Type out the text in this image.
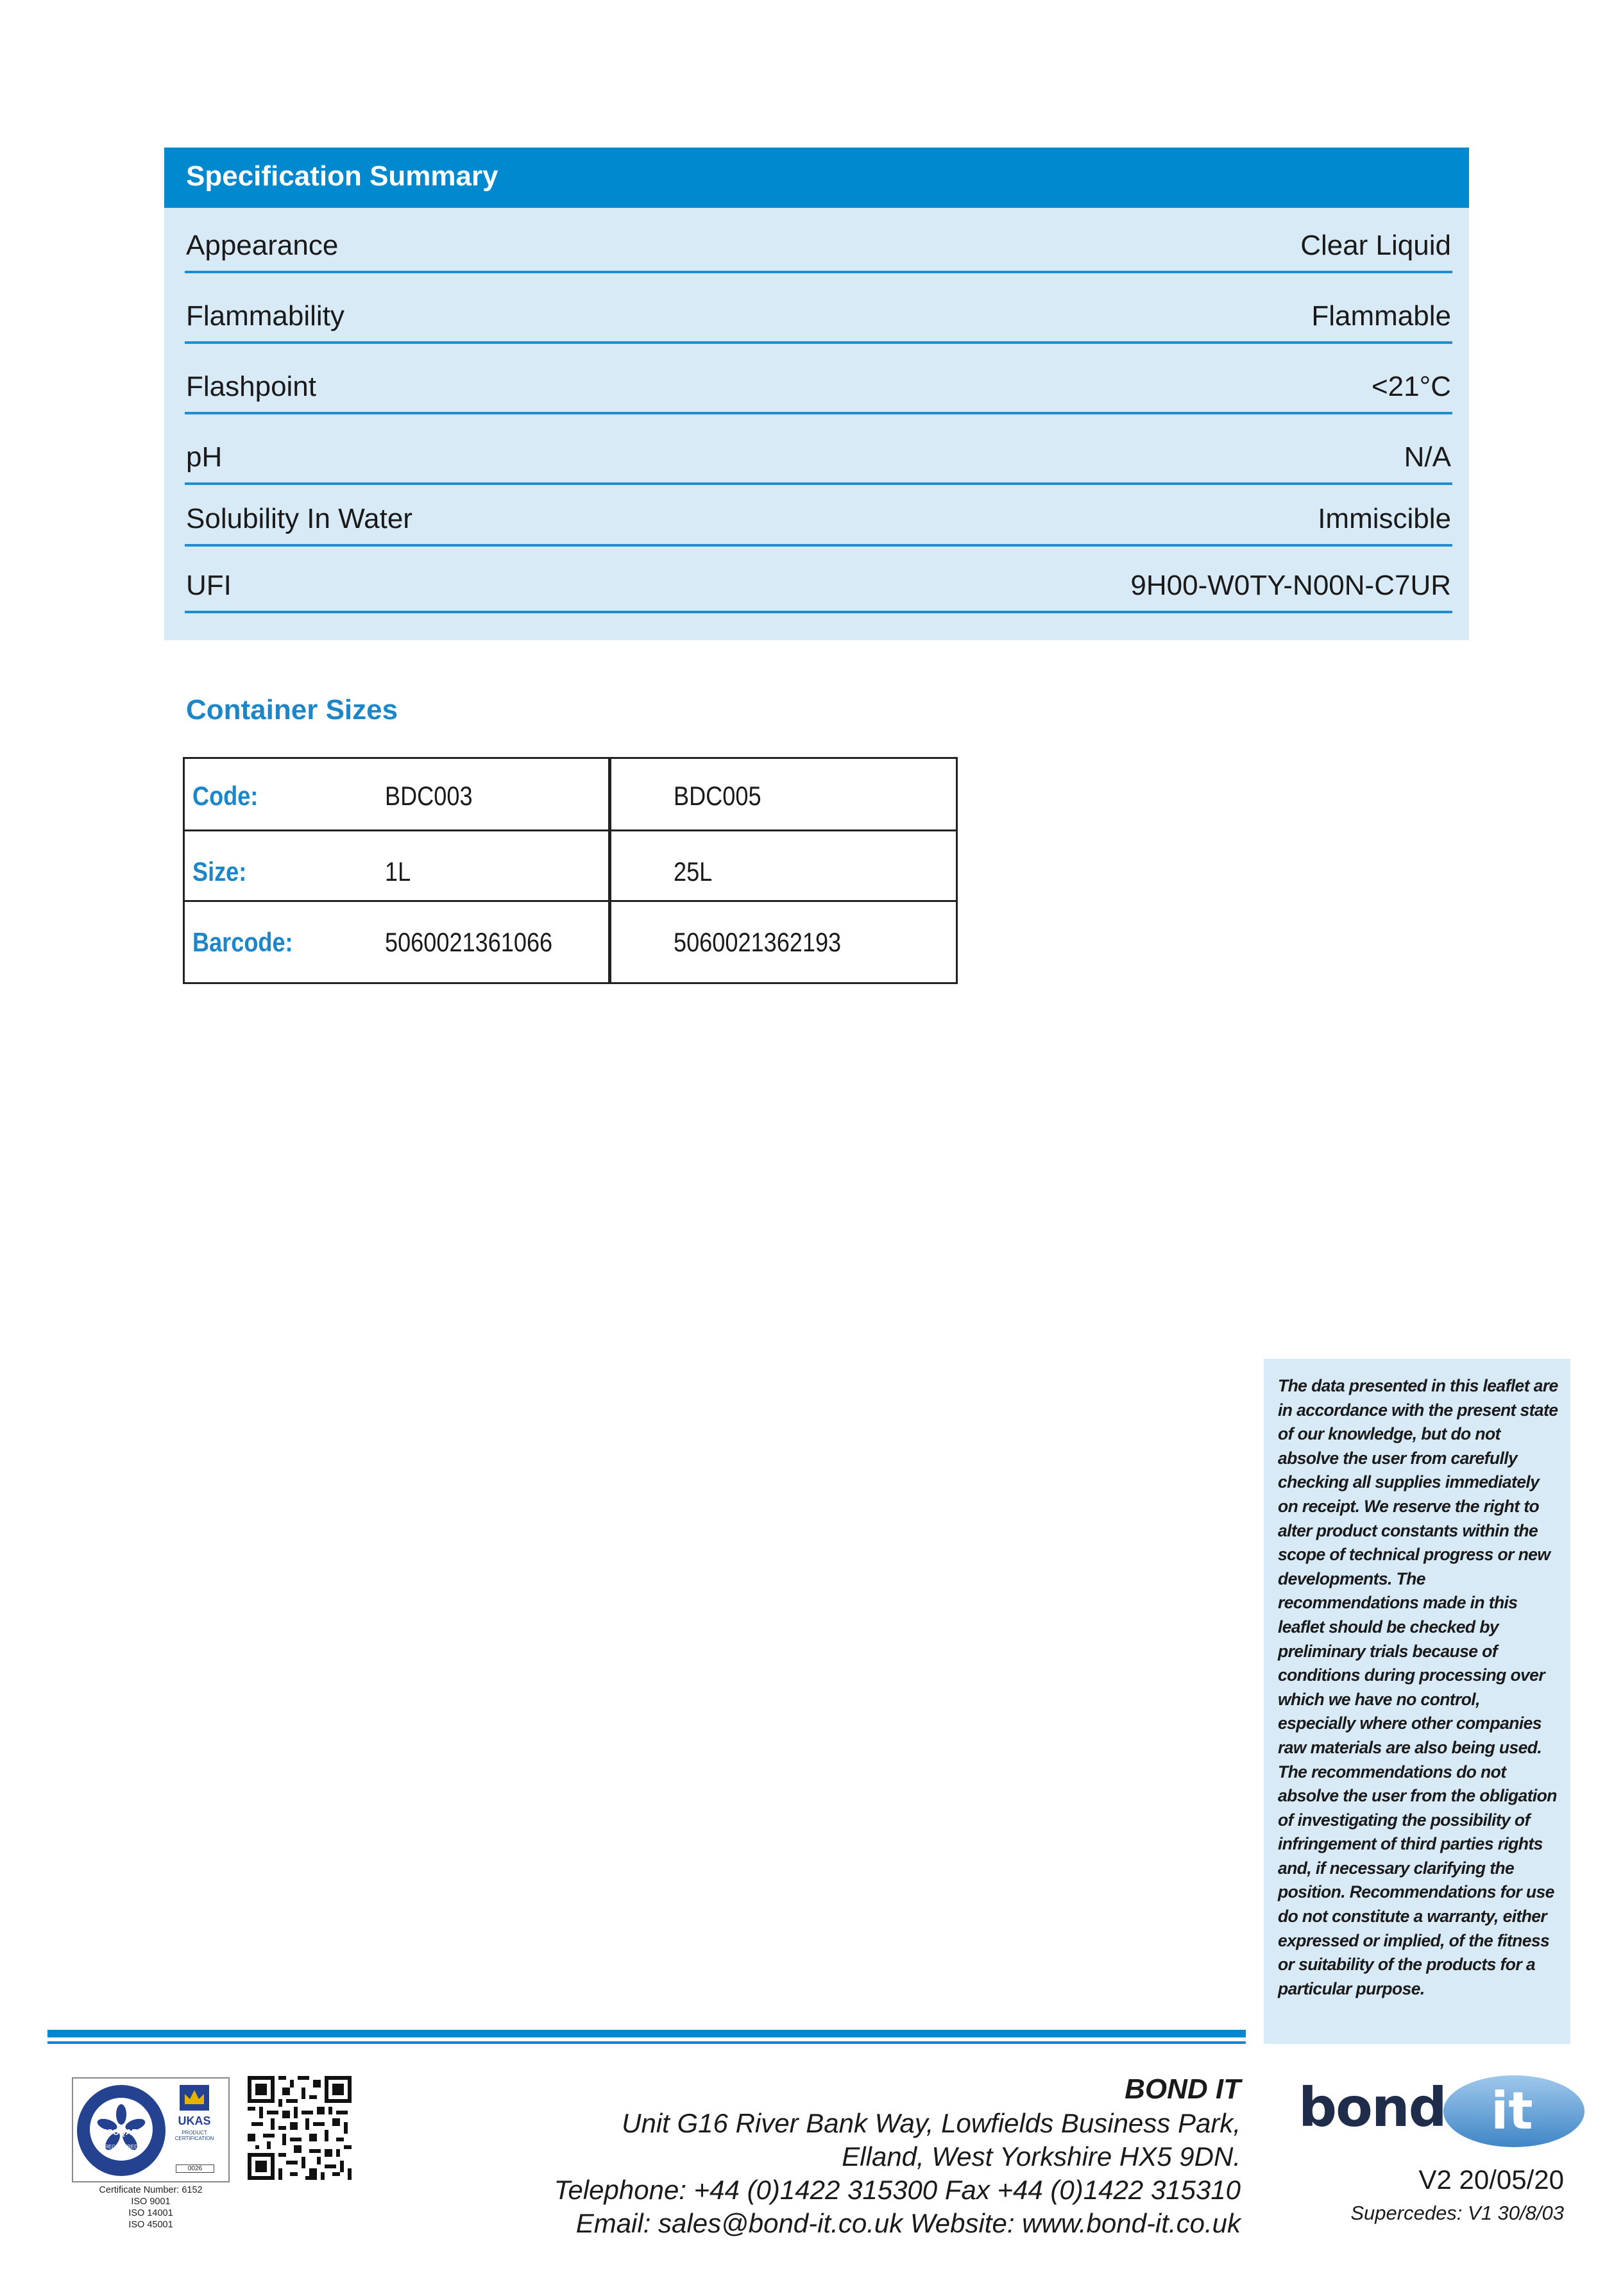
Specification Summary
Appearance	Clear Liquid
Flammability	Flammable
Flashpoint	<21°C
pH	N/A
Solubility In Water	Immiscible
UFI	9H00-W0TY-N00N-C7UR
Container Sizes
Code:	BDC003	BDC005
Size:	1L	25L
Barcode:	5060021361066	5060021362193
The data presented in this leaflet are in accordance with the present state of our knowledge, but do not absolve the user from carefully checking all supplies immediately on receipt. We reserve the right to alter product constants within the scope of technical progress or new developments. The recommendations made in this leaflet should be checked by preliminary trials because of conditions during processing over which we have no control, especially where other companies raw materials are also being used. The recommendations do not absolve the user from the obligation of investigating the possibility of infringement of third parties rights and, if necessary clarifying the position. Recommendations for use do not constitute a warranty, either expressed or implied, of the fitness or suitability of the products for a particular purpose.
ISOQAR
REGISTERED
UKAS
PRODUCT CERTIFICATION
0026
Certificate Number: 6152
ISO 9001
ISO 14001
ISO 45001
BOND IT
Unit G16 River Bank Way, Lowfields Business Park,
Elland, West Yorkshire HX5 9DN.
Telephone: +44 (0)1422 315300 Fax +44 (0)1422 315310
Email: sales@bond-it.co.uk Website: www.bond-it.co.uk
bond it
V2 20/05/20
Supercedes: V1 30/8/03
